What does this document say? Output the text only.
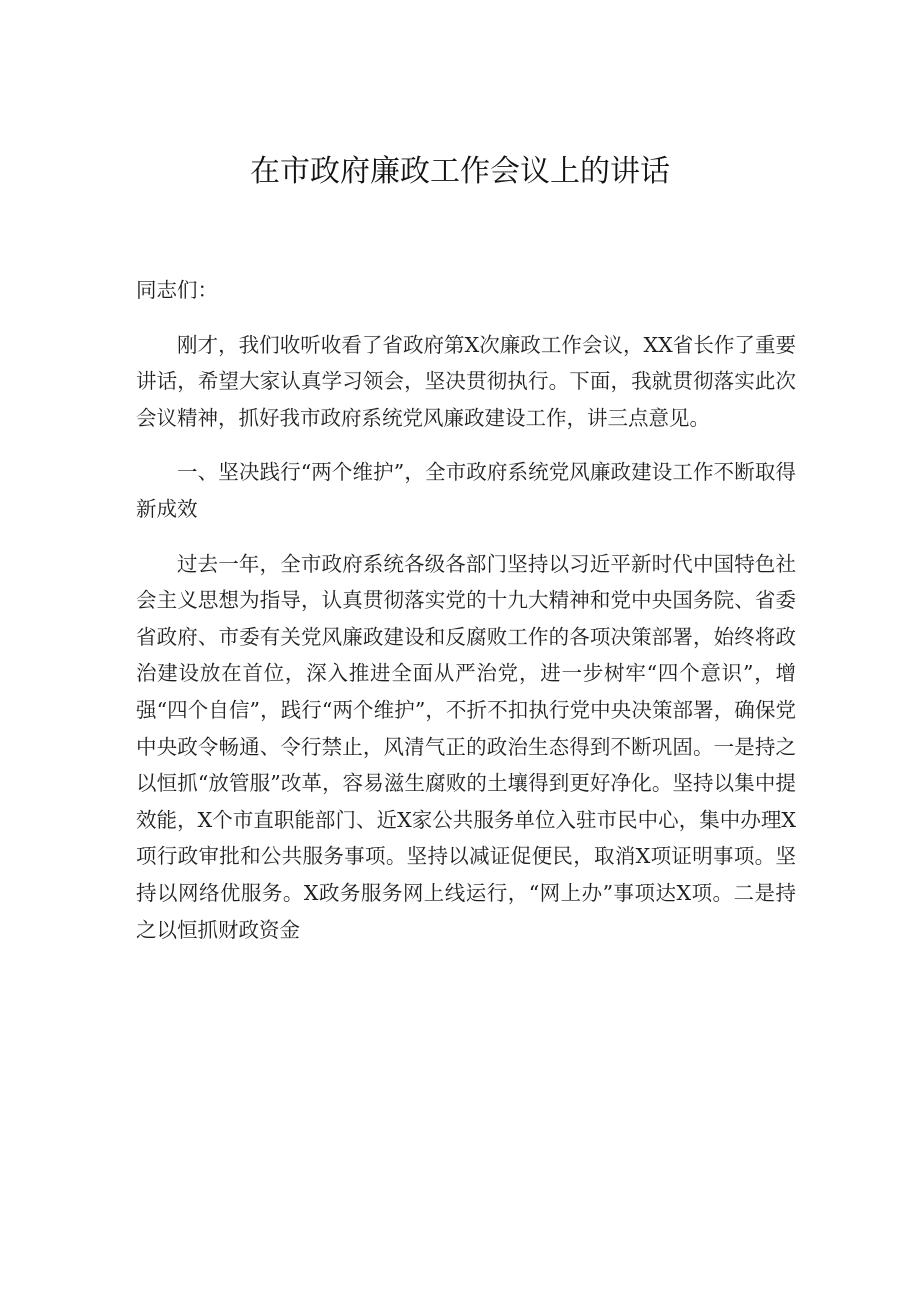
在市政府廉政工作会议上的讲话

同志们：

刚才，我们收听收看了省政府第X次廉政工作会议，XX省长作了重要讲话，希望大家认真学习领会，坚决贯彻执行。下面，我就贯彻落实此次会议精神，抓好我市政府系统党风廉政建设工作，讲三点意见。

一、坚决践行“两个维护”，全市政府系统党风廉政建设工作不断取得新成效

过去一年，全市政府系统各级各部门坚持以习近平新时代中国特色社会主义思想为指导，认真贯彻落实党的十九大精神和党中央国务院、省委省政府、市委有关党风廉政建设和反腐败工作的各项决策部署，始终将政治建设放在首位，深入推进全面从严治党，进一步树牢“四个意识”，增强“四个自信”，践行“两个维护”，不折不扣执行党中央决策部署，确保党中央政令畅通、令行禁止，风清气正的政治生态得到不断巩固。一是持之以恒抓“放管服”改革，容易滋生腐败的土壤得到更好净化。坚持以集中提效能，X个市直职能部门、近X家公共服务单位入驻市民中心，集中办理X项行政审批和公共服务事项。坚持以减证促便民，取消X项证明事项。坚持以网络优服务。X政务服务网上线运行，“网上办”事项达X项。二是持之以恒抓财政资金
